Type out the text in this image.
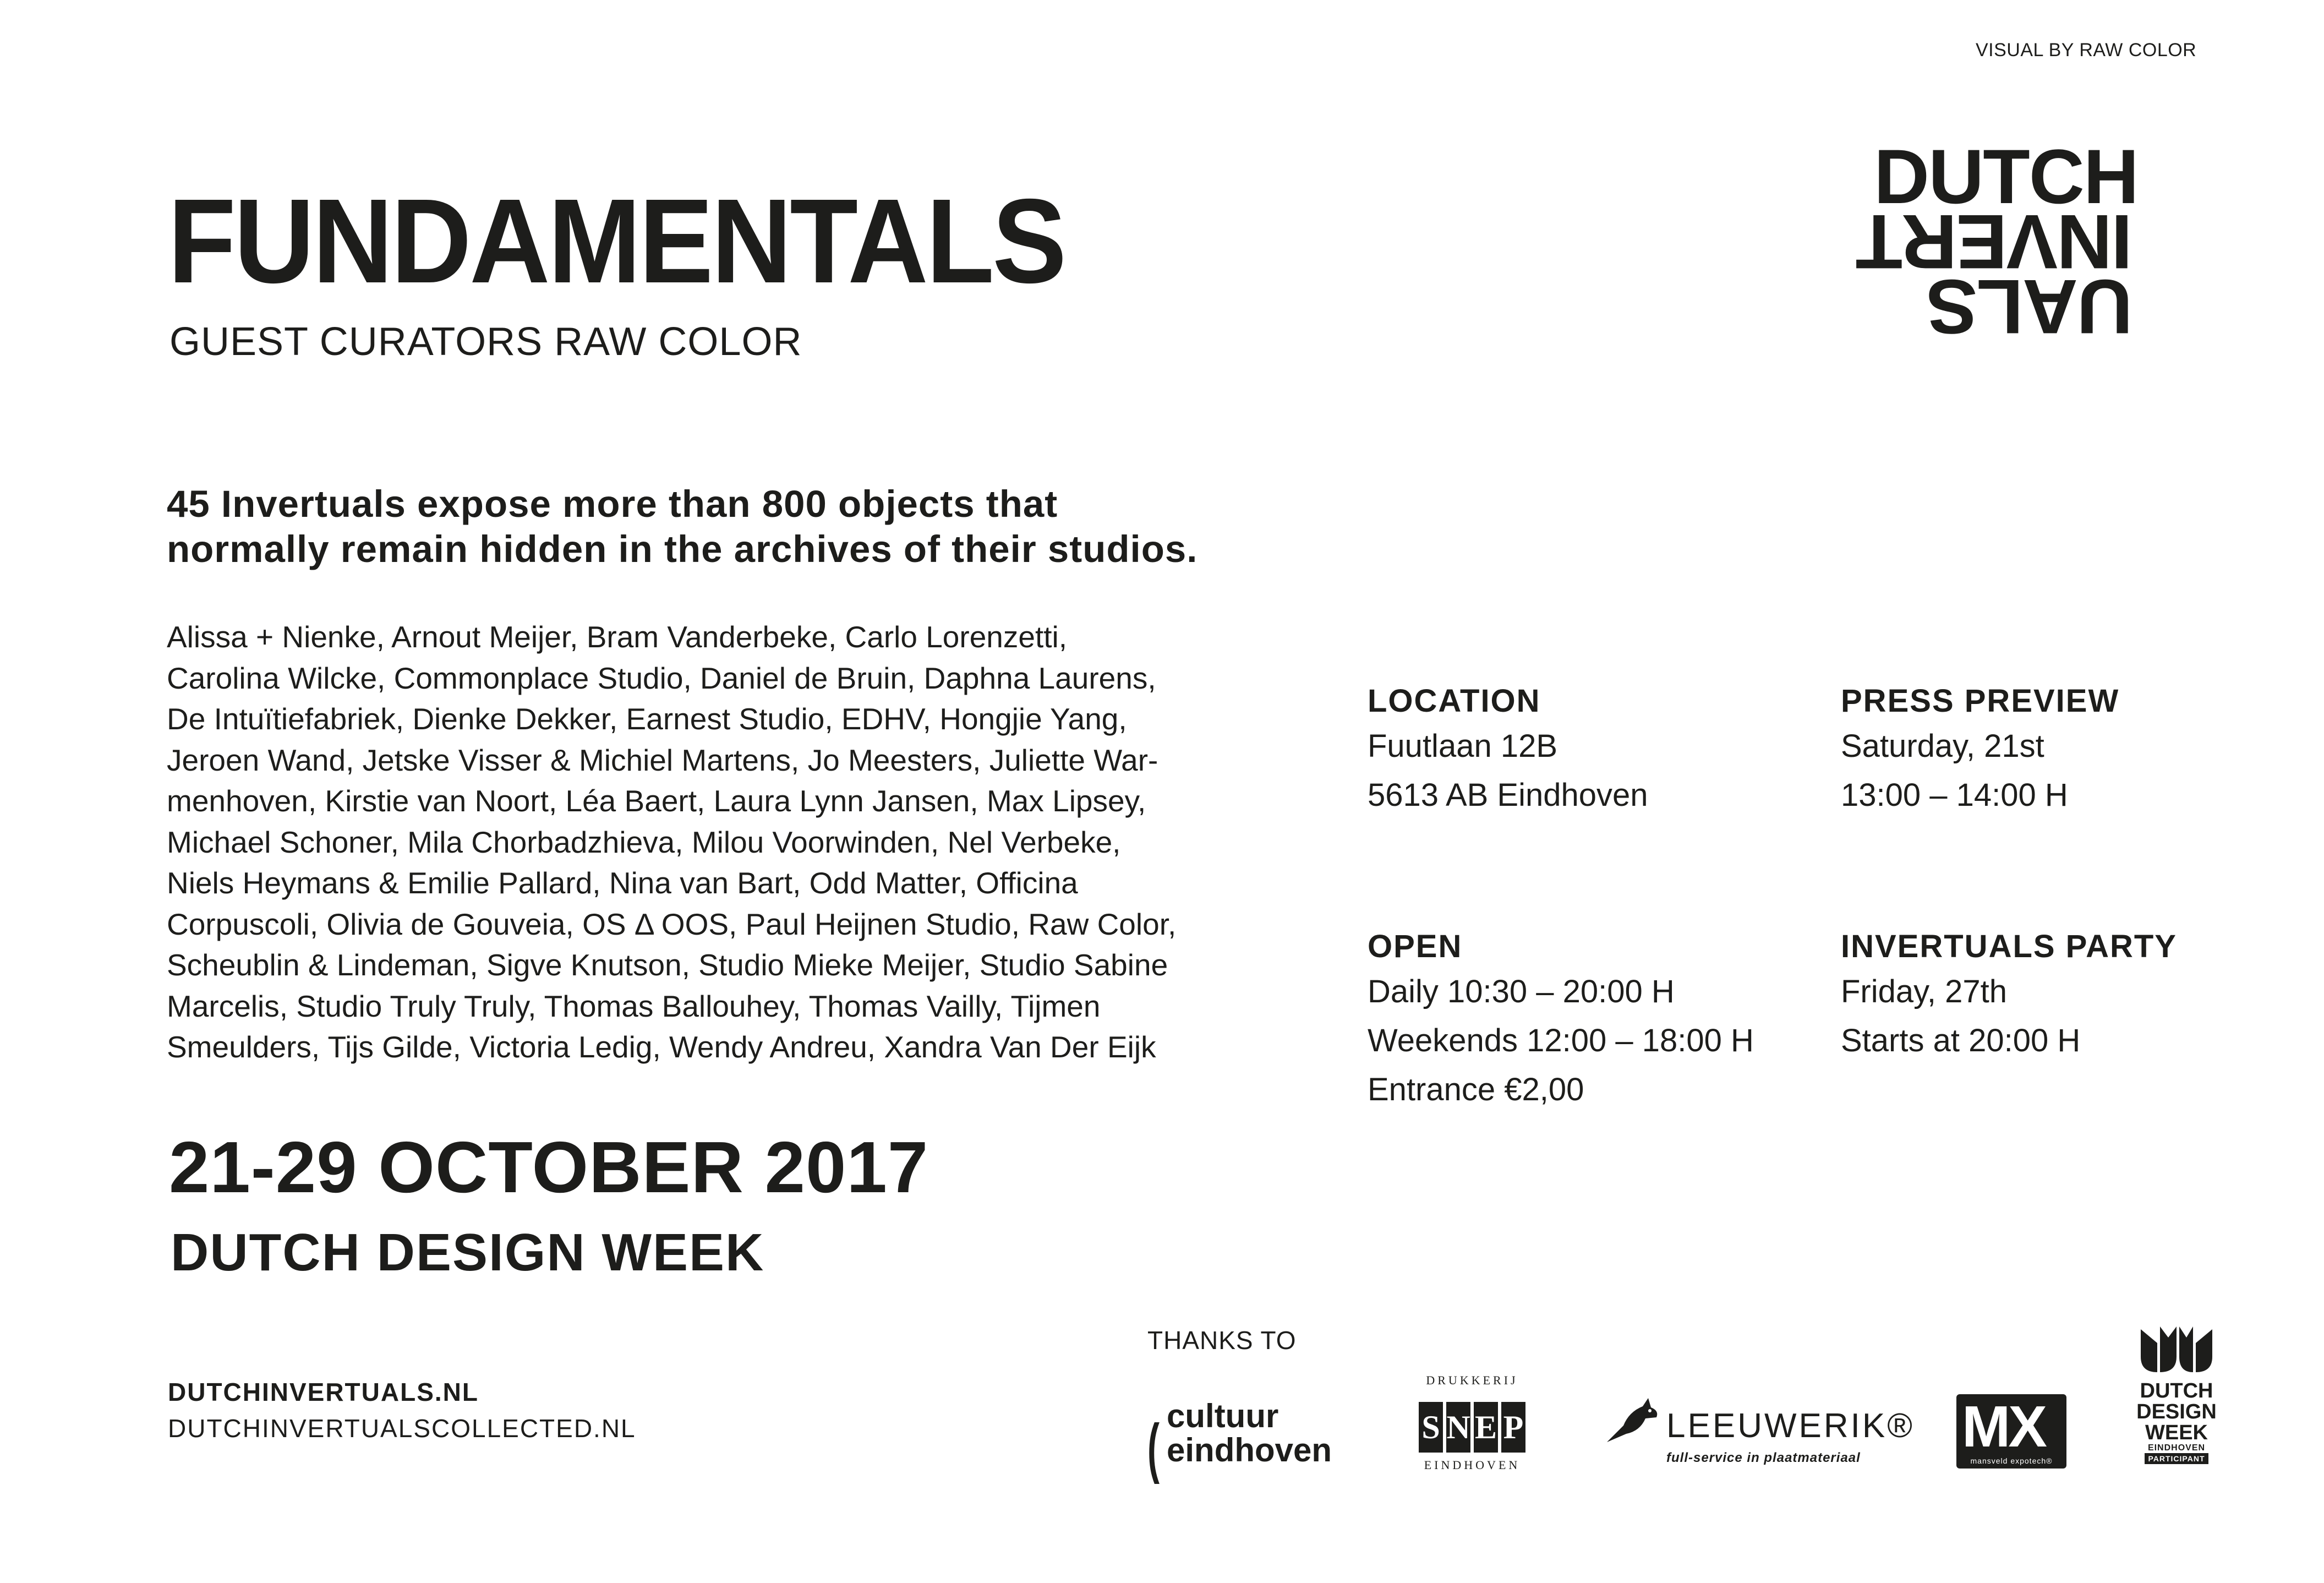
VISUAL BY RAW COLOR
FUNDAMENTALS
GUEST CURATORS RAW COLOR
DUTCH
INVERT
UALS
45 Invertuals expose more than 800 objects that
normally remain hidden in the archives of their studios.
Alissa + Nienke, Arnout Meijer, Bram Vanderbeke, Carlo Lorenzetti,
Carolina Wilcke, Commonplace Studio, Daniel de Bruin, Daphna Laurens,
De Intuïtiefabriek, Dienke Dekker, Earnest Studio, EDHV, Hongjie Yang,
Jeroen Wand, Jetske Visser & Michiel Martens, Jo Meesters, Juliette War-
menhoven, Kirstie van Noort, Léa Baert, Laura Lynn Jansen, Max Lipsey,
Michael Schoner, Mila Chorbadzhieva, Milou Voorwinden, Nel Verbeke,
Niels Heymans & Emilie Pallard, Nina van Bart, Odd Matter, Officina
Corpuscoli, Olivia de Gouveia, OS Δ OOS, Paul Heijnen Studio, Raw Color,
Scheublin & Lindeman, Sigve Knutson, Studio Mieke Meijer, Studio Sabine
Marcelis, Studio Truly Truly, Thomas Ballouhey, Thomas Vailly, Tijmen
Smeulders, Tijs Gilde, Victoria Ledig, Wendy Andreu, Xandra Van Der Eijk
21-29 OCTOBER 2017
DUTCH DESIGN WEEK
LOCATION
Fuutlaan 12B
5613 AB Eindhoven
PRESS PREVIEW
Saturday, 21st
13:00 – 14:00 H
OPEN
Daily 10:30 – 20:00 H
Weekends 12:00 – 18:00 H
Entrance €2,00
INVERTUALS PARTY
Friday, 27th
Starts at 20:00 H
DUTCHINVERTUALS.NL
DUTCHINVERTUALSCOLLECTED.NL
THANKS TO
( cultuur
eindhoven
DRUKKERIJ
S N E P
EINDHOVEN
LEEUWERIK®
full-service in plaatmateriaal MX
mansveld expotech®
DUTCH
DESIGN
WEEK
EINDHOVEN
PARTICIPANT
